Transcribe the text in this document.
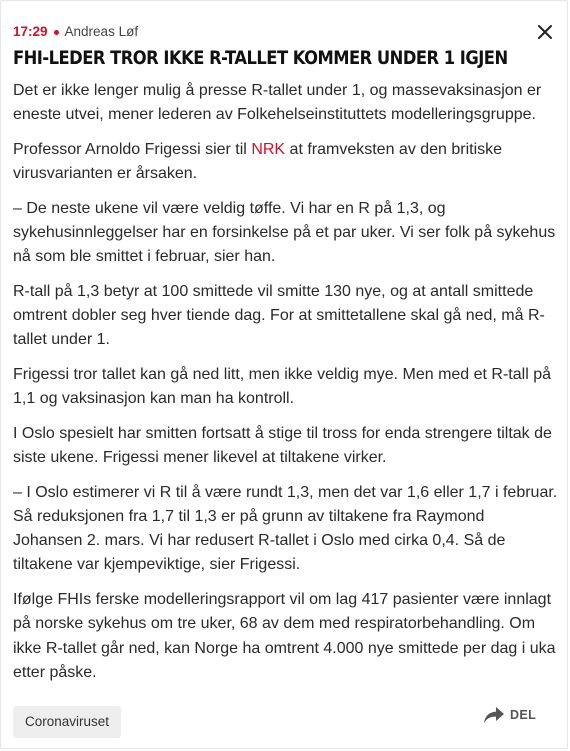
17:29 Andreas Løf
FHI-LEDER TROR IKKE R-TALLET KOMMER UNDER 1 IGJEN

Det er ikke lenger mulig å presse R-tallet under 1, og massevaksinasjon er eneste utvei, mener lederen av Folkehelseinstituttets modelleringsgruppe.

Professor Arnoldo Frigessi sier til NRK at framveksten av den britiske virusvarianten er årsaken.

– De neste ukene vil være veldig tøffe. Vi har en R på 1,3, og sykehusinnleggelser har en forsinkelse på et par uker. Vi ser folk på sykehus nå som ble smittet i februar, sier han.

R-tall på 1,3 betyr at 100 smittede vil smitte 130 nye, og at antall smittede omtrent dobler seg hver tiende dag. For at smittetallene skal gå ned, må R-tallet under 1.

Frigessi tror tallet kan gå ned litt, men ikke veldig mye. Men med et R-tall på 1,1 og vaksinasjon kan man ha kontroll.

I Oslo spesielt har smitten fortsatt å stige til tross for enda strengere tiltak de siste ukene. Frigessi mener likevel at tiltakene virker.

– I Oslo estimerer vi R til å være rundt 1,3, men det var 1,6 eller 1,7 i februar. Så reduksjonen fra 1,7 til 1,3 er på grunn av tiltakene fra Raymond Johansen 2. mars. Vi har redusert R-tallet i Oslo med cirka 0,4. Så de tiltakene var kjempeviktige, sier Frigessi.

Ifølge FHIs ferske modelleringsrapport vil om lag 417 pasienter være innlagt på norske sykehus om tre uker, 68 av dem med respiratorbehandling. Om ikke R-tallet går ned, kan Norge ha omtrent 4.000 nye smittede per dag i uka etter påske.

Coronaviruset	DEL
